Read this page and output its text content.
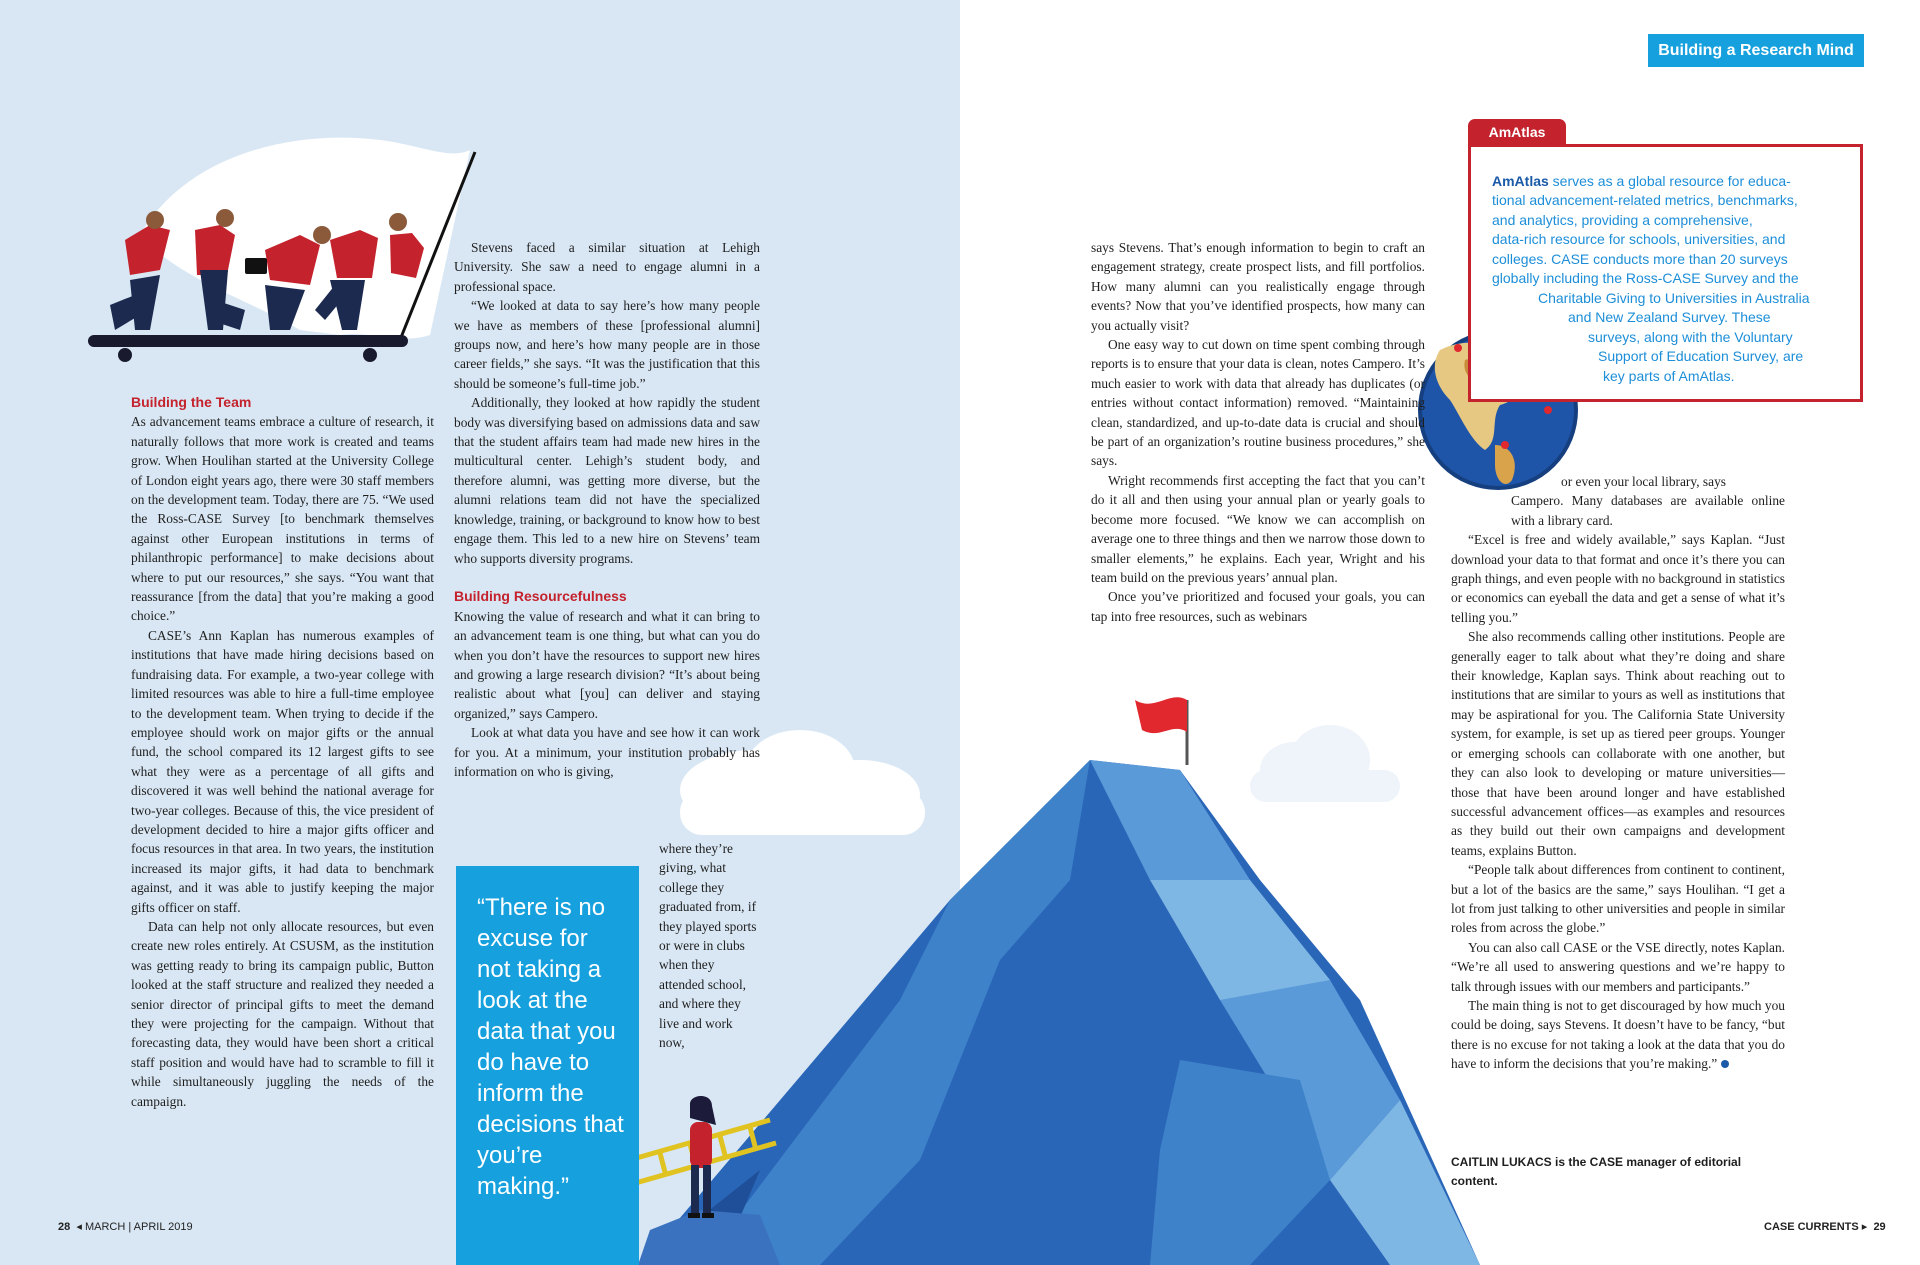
Building a Research Mind

Building the Team

As advancement teams embrace a culture of research, it naturally follows that more work is created and teams grow. When Houlihan started at the University College of London eight years ago, there were 30 staff members on the development team. Today, there are 75. “We used the Ross-CASE Survey [to benchmark themselves against other European institutions in terms of philanthropic performance] to make decisions about where to put our resources,” she says. “You want that reassurance [from the data] that you’re making a good choice.”

CASE’s Ann Kaplan has numerous examples of institutions that have made hiring decisions based on fundraising data. For example, a two-year college with limited resources was able to hire a full-time employee to the development team. When trying to decide if the employee should work on major gifts or the annual fund, the school compared its 12 largest gifts to see what they were as a percentage of all gifts and discovered it was well behind the national average for two-year colleges. Because of this, the vice president of development decided to hire a major gifts officer and focus resources in that area. In two years, the institution increased its major gifts, it had data to benchmark against, and it was able to justify keeping the major gifts officer on staff.

Data can help not only allocate resources, but even create new roles entirely. At CSUSM, as the institution was getting ready to bring its campaign public, Button looked at the staff structure and realized they needed a senior director of principal gifts to meet the demand they were projecting for the campaign. Without that forecasting data, they would have been short a critical staff position and would have had to scramble to fill it while simultaneously juggling the needs of the campaign.

Stevens faced a similar situation at Lehigh University. She saw a need to engage alumni in a professional space.

“We looked at data to say here’s how many people we have as members of these [professional alumni] groups now, and here’s how many people are in those career fields,” she says. “It was the justification that this should be someone’s full-time job.”

Additionally, they looked at how rapidly the student body was diversifying based on admissions data and saw that the student affairs team had made new hires in the multicultural center. Lehigh’s student body, and therefore alumni, was getting more diverse, but the alumni relations team did not have the specialized knowledge, training, or background to know how to best engage them. This led to a new hire on Stevens’ team who supports diversity programs.

Building Resourcefulness

Knowing the value of research and what it can bring to an advancement team is one thing, but what can you do when you don’t have the resources to support new hires and growing a large research division? “It’s about being realistic about what [you] can deliver and staying organized,” says Campero.

Look at what data you have and see how it can work for you. At a minimum, your institution probably has information on who is giving,

where they’re giving, what college they graduated from, if they played sports or were in clubs when they attended school, and where they live and work now,

“There is no excuse for not taking a look at the data that you do have to inform the decisions that you’re making.”

says Stevens. That’s enough information to begin to craft an engagement strategy, create prospect lists, and fill portfolios. How many alumni can you realistically engage through events? Now that you’ve identified prospects, how many can you actually visit?

One easy way to cut down on time spent combing through reports is to ensure that your data is clean, notes Campero. It’s much easier to work with data that already has duplicates (or entries without contact information) removed. “Maintaining clean, standardized, and up-to-date data is crucial and should be part of an organization’s routine business procedures,” she says.

Wright recommends first accepting the fact that you can’t do it all and then using your annual plan or yearly goals to become more focused. “We know we can accomplish on average one to three things and then we narrow those down to smaller elements,” he explains. Each year, Wright and his team build on the previous years’ annual plan.

Once you’ve prioritized and focused your goals, you can tap into free resources, such as webinars

or even your local library, says

Campero. Many databases are available online with a library card.

“Excel is free and widely available,” says Kaplan. “Just download your data to that format and once it’s there you can graph things, and even people with no background in statistics or economics can eyeball the data and get a sense of what it’s telling you.”

She also recommends calling other institutions. People are generally eager to talk about what they’re doing and share their knowledge, Kaplan says. Think about reaching out to institutions that are similar to yours as well as institutions that may be aspirational for you. The California State University system, for example, is set up as tiered peer groups. Younger or emerging schools can collaborate with one another, but they can also look to developing or mature universities—those that have been around longer and have established successful advancement offices—as examples and resources as they build out their own campaigns and development teams, explains Button.

“People talk about differences from continent to continent, but a lot of the basics are the same,” says Houlihan. “I get a lot from just talking to other universities and people in similar roles from across the globe.”

You can also call CASE or the VSE directly, notes Kaplan. “We’re all used to answering questions and we’re happy to talk through issues with our members and participants.”

The main thing is not to get discouraged by how much you could be doing, says Stevens. It doesn’t have to be fancy, “but there is no excuse for not taking a look at the data that you do have to inform the decisions that you’re making.”

CAITLIN LUKACS is the CASE manager of editorial content.
AmAtlas
AmAtlas serves as a global resource for educa-
tional advancement-related metrics, benchmarks,
and analytics, providing a comprehensive,
data-rich resource for schools, universities, and
colleges. CASE conducts more than 20 surveys
globally including the Ross-CASE Survey and the
Charitable Giving to Universities in Australia
and New Zealand Survey. These
surveys, along with the Voluntary
Support of Education Survey, are
key parts of AmAtlas.
28  ◂ MARCH | APRIL 2019	CASE CURRENTS ▸  29
